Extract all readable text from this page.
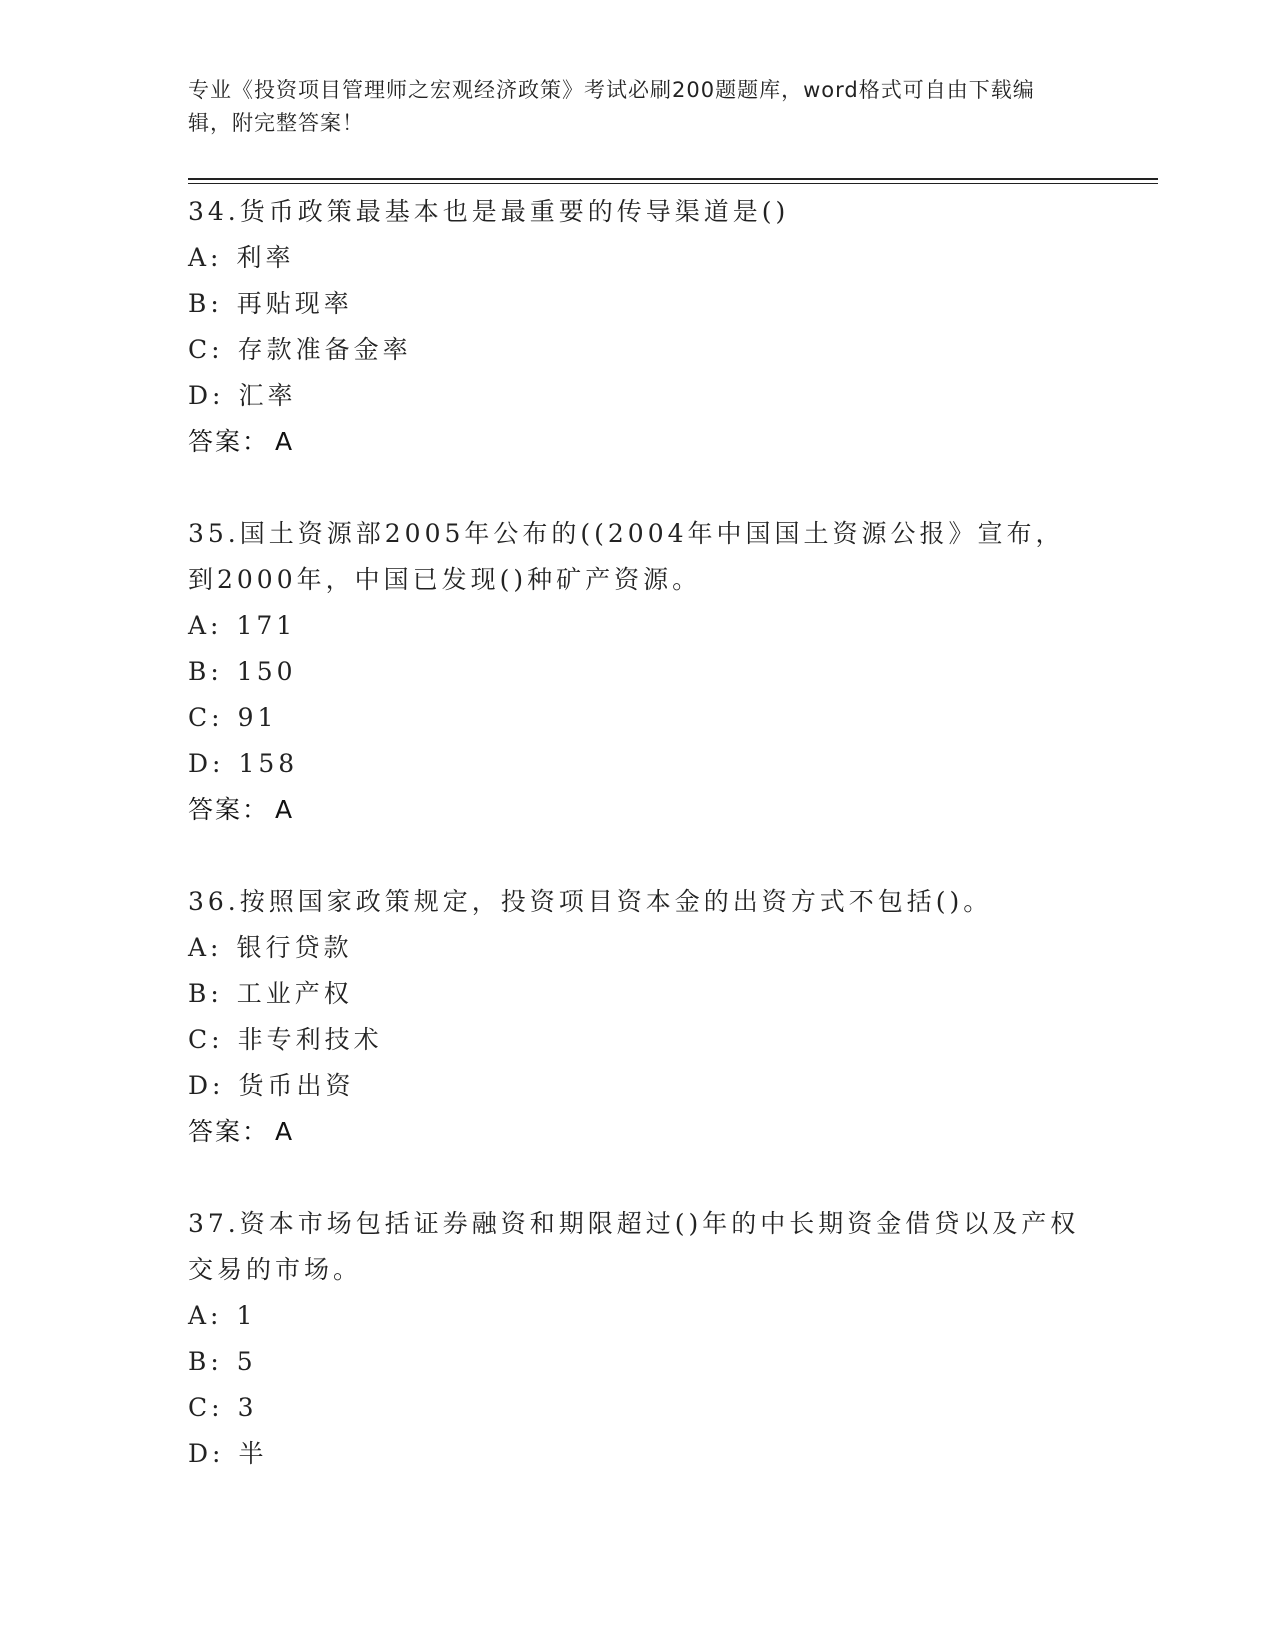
专业《投资项目管理师之宏观经济政策》考试必刷200题题库，word格式可自由下载编辑，附完整答案！
34.货币政策最基本也是最重要的传导渠道是()
A: 利率
B: 再贴现率
C: 存款准备金率
D: 汇率
答案： A
35.国土资源部2005年公布的((2004年中国国土资源公报》宣布，到2000年，中国已发现()种矿产资源。
A: 171
B: 150
C: 91
D: 158
答案： A
36.按照国家政策规定，投资项目资本金的出资方式不包括()。
A: 银行贷款
B: 工业产权
C: 非专利技术
D: 货币出资
答案： A
37.资本市场包括证券融资和期限超过()年的中长期资金借贷以及产权交易的市场。
A: 1
B: 5
C: 3
D: 半
